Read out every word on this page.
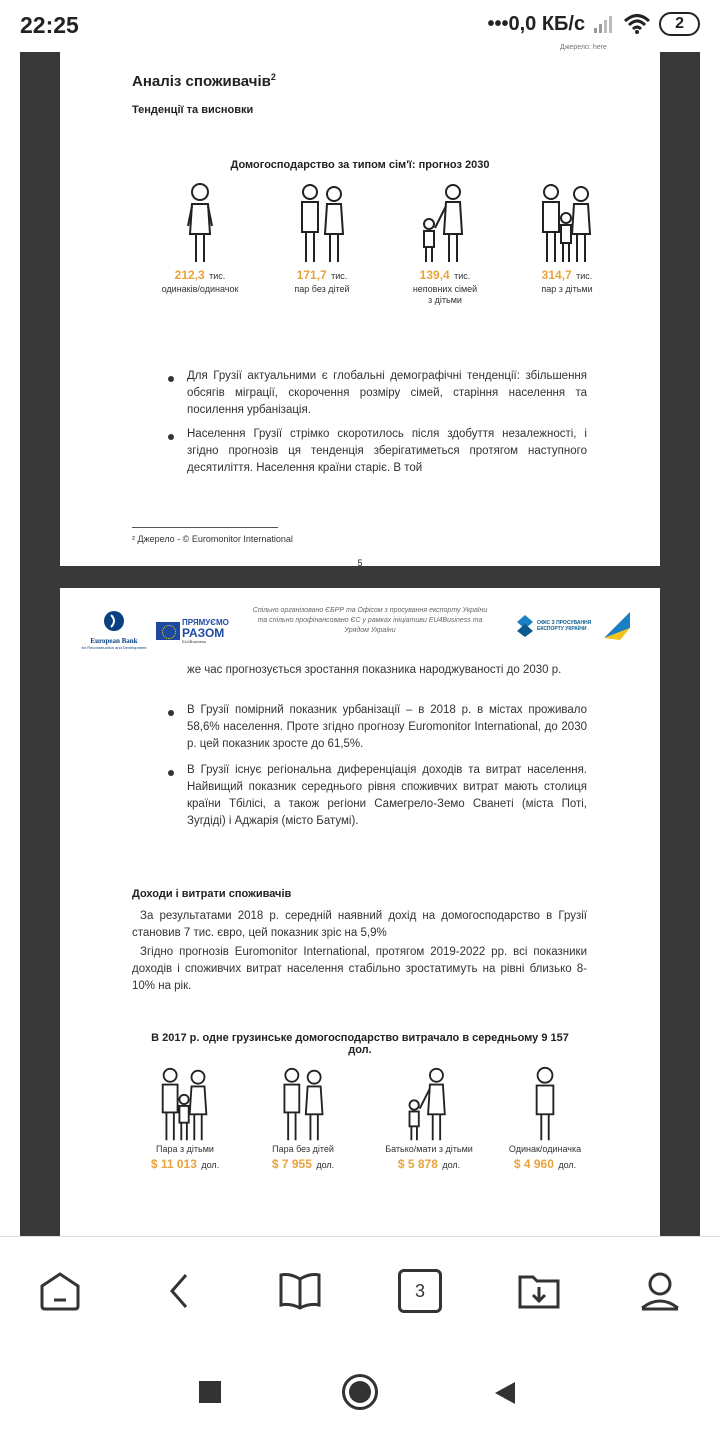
22:25	•••0,0 КБ/с	2
Джерело: here
Аналіз споживачів$^2$
Тенденції та висновки
Домогосподарство за типом сім'ї: прогноз 2030
212,3 тис.
одинаків/одиначок
171,7 тис.
пар без дітей
139,4 тис.
неповних сімей з дітьми
314,7 тис.
пар з дітьми
Для Грузії актуальними є глобальні демографічні тенденції: збільшення обсягів міграції, скорочення розміру сімей, старіння населення та посилення урбанізація.
Населення Грузії стрімко скоротилось після здобуття незалежності, і згідно прогнозів ця тенденція зберігатиметься протягом наступного десятиліття. Населення країни старіє. В той
² Джерело - © Euromonitor International
5
European Bank
for Reconstruction and Development
ПРЯМУЄМО
РАЗОМ
EU4Business
Спільно організовано ЄБРР та Офісом з просування експорту України та спільно профінансовано ЄС у рамках ініціативи EU4Business та Урядом України
ОФІС З ПРОСУВАННЯ ЕКСПОРТУ УКРАЇНИ
же час прогнозується зростання показника народжуваності до 2030 р.
В Грузії помірний показник урбанізації – в 2018 р. в містах проживало 58,6% населення. Проте згідно прогнозу Euromonitor International, до 2030 р. цей показник зросте до 61,5%.
В Грузії існує регіональна диференціація доходів та витрат населення. Найвищий показник середнього рівня споживчих витрат мають столиця країни Тбілісі, а також регіони Самегрело-Земо Сванеті (міста Поті, Зугдіді) і Аджарія (місто Батумі).
Доходи і витрати споживачів
За результатами 2018 р. середній наявний дохід на домогосподарство в Грузії становив 7 тис. євро, цей показник зріс на 5,9%
Згідно прогнозів Euromonitor International, протягом 2019-2022 рр. всі показники доходів і споживчих витрат населення стабільно зростатимуть на рівні близько 8-10% на рік.
В 2017 р. одне грузинське домогосподарство витрачало в середньому 9 157 дол.
Пара з дітьми
$ 11 013 дол.
Пара без дітей
$ 7 955 дол.
Батько/мати з дітьми
$ 5 878 дол.
Одинак/одиначка
$ 4 960 дол.
3
